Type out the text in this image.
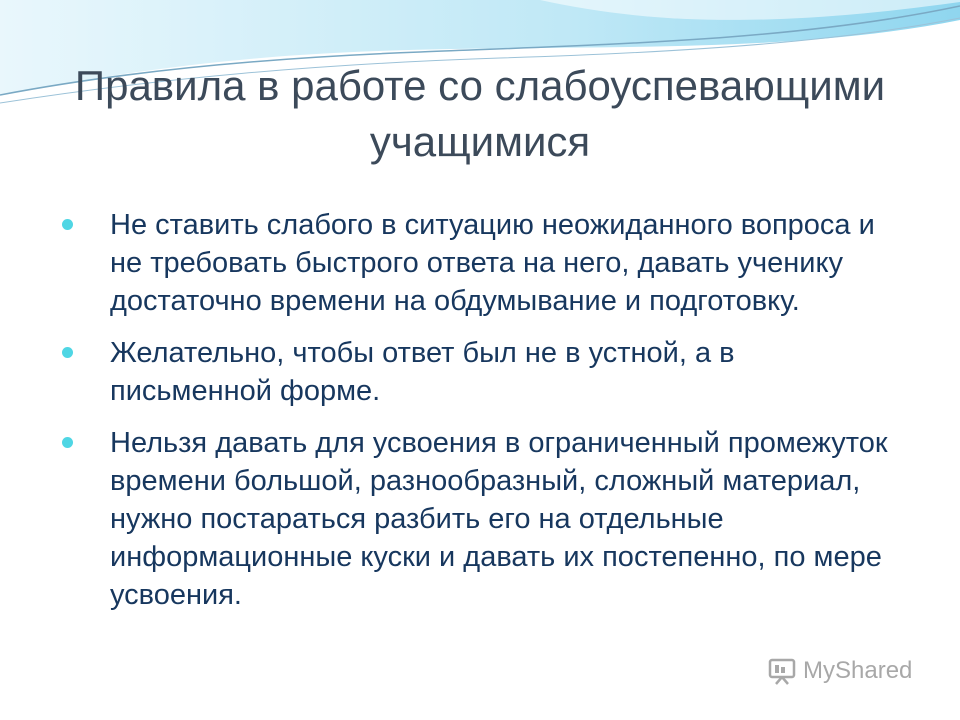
Правила в работе со слабоуспевающими учащимися
Не ставить слабого в ситуацию неожиданного вопроса и не требовать быстрого ответа на него, давать ученику достаточно времени на обдумывание и подготовку.
Желательно, чтобы ответ был не в устной, а в письменной форме.
Нельзя давать для усвоения в ограниченный промежуток времени большой, разнообразный, сложный материал, нужно постараться разбить его на отдельные информационные куски и давать их постепенно, по мере усвоения.
MyShared
